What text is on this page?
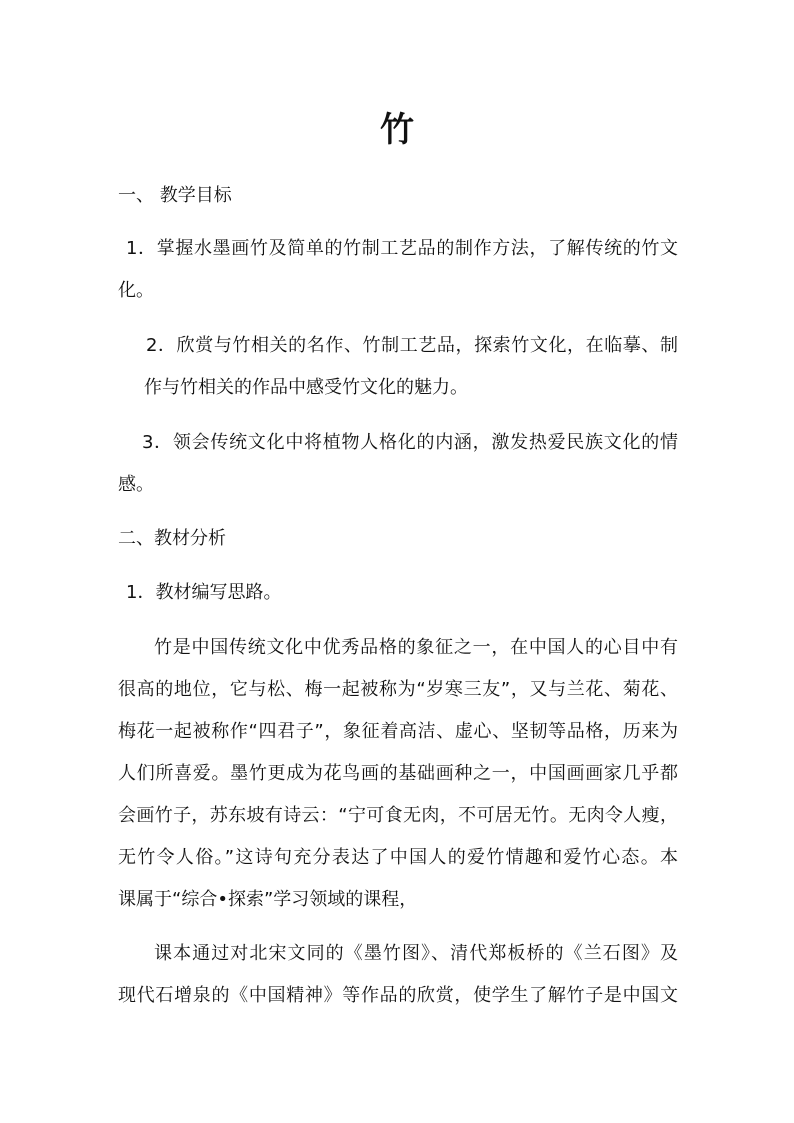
竹
一、 教学目标
1．掌握水墨画竹及简单的竹制工艺品的制作方法，了解传统的竹文
化。
2．欣赏与竹相关的名作、竹制工艺品，探索竹文化，在临摹、制
作与竹相关的作品中感受竹文化的魅力。
3．领会传统文化中将植物人格化的内涵，激发热爱民族文化的情
感。
二、教材分析
1．教材编写思路。
竹是中国传统文化中优秀品格的象征之一，在中国人的心目中有
很高的地位，它与松、梅一起被称为“岁寒三友”，又与兰花、菊花、
梅花一起被称作“四君子”，象征着高洁、虚心、坚韧等品格，历来为
人们所喜爱。墨竹更成为花鸟画的基础画种之一，中国画画家几乎都
会画竹子，苏东坡有诗云：“宁可食无肉，不可居无竹。无肉令人瘦，
无竹令人俗。”这诗句充分表达了中国人的爱竹情趣和爱竹心态。本
课属于“综合•探索”学习领域的课程，
课本通过对北宋文同的《墨竹图》、清代郑板桥的《兰石图》及
现代石增泉的《中国精神》等作品的欣赏，使学生了解竹子是中国文
